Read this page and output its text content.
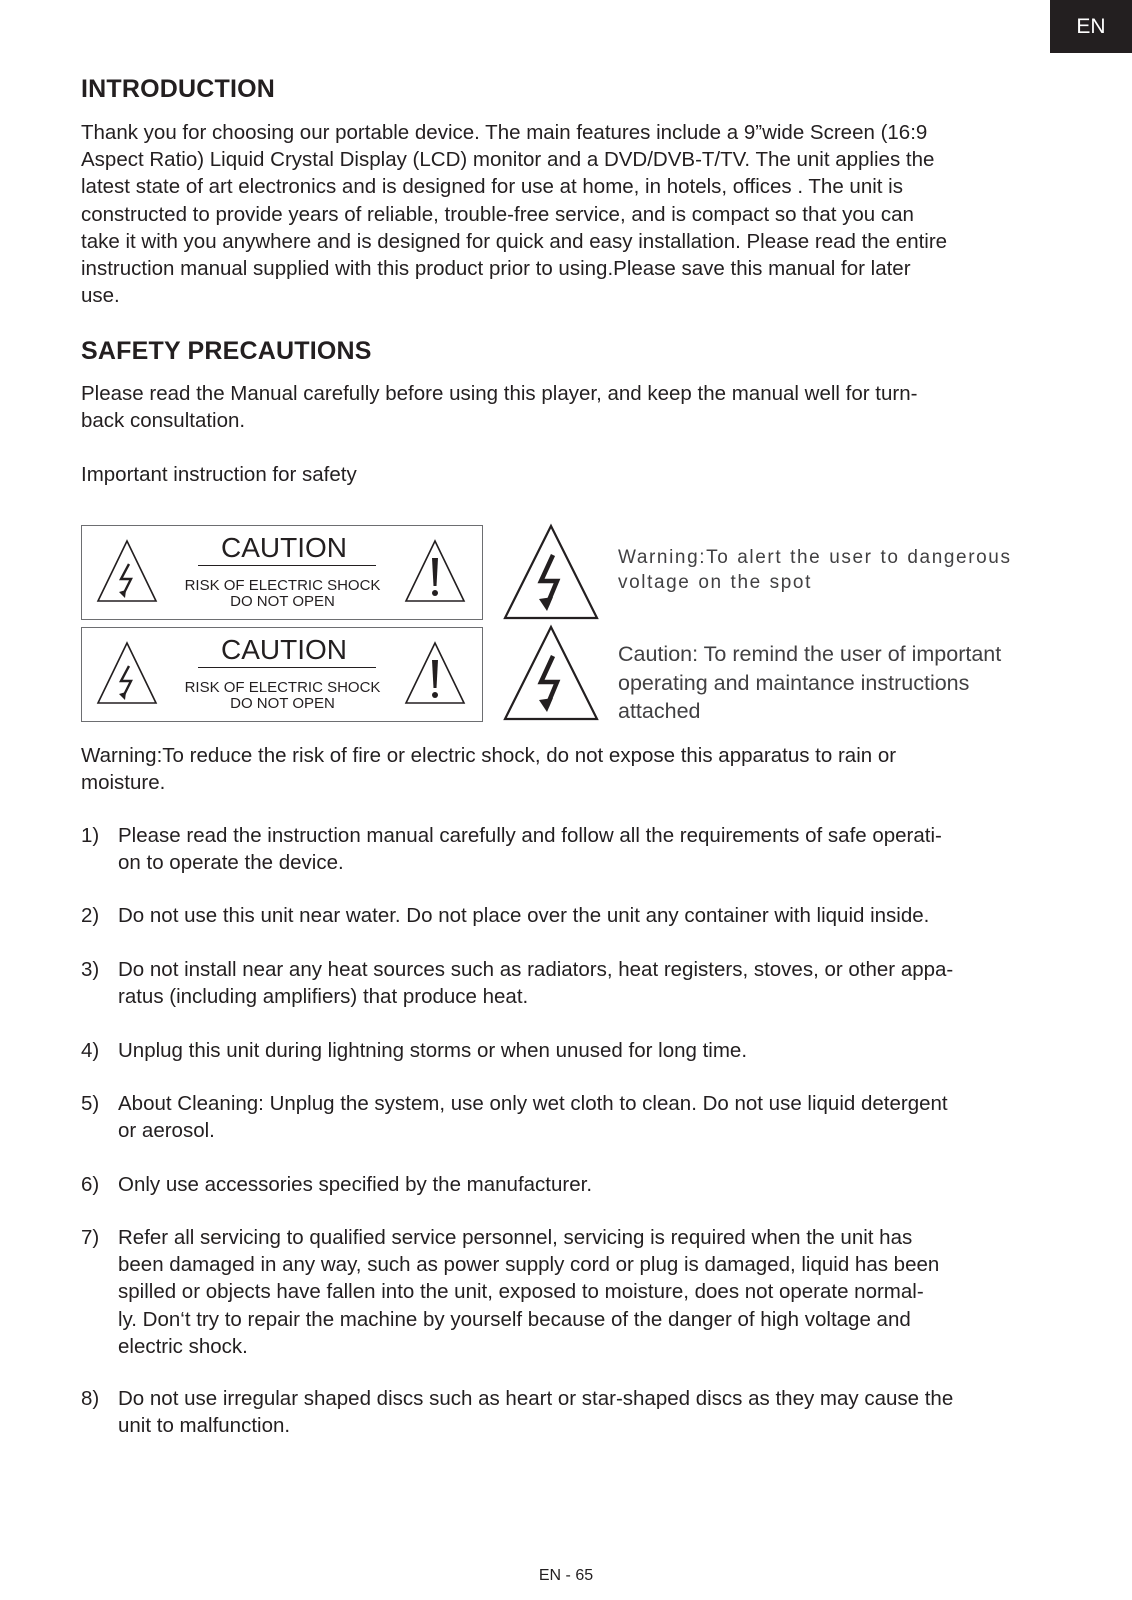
EN
INTRODUCTION

Thank you for choosing our portable device. The main features include a 9”wide Screen (16:9
Aspect Ratio) Liquid Crystal Display (LCD) monitor and a DVD/DVB-T/TV. The unit applies the
latest state of art electronics and is designed for use at home, in hotels, offices . The unit is
constructed to provide years of reliable, trouble-free service, and is compact so that you can
take it with you anywhere and is designed for quick and easy installation. Please read the entire
instruction manual supplied with this product prior to using.Please save this manual for later
use.

SAFETY PRECAUTIONS

Please read the Manual carefully before using this player, and keep the manual well for turn-
back consultation.

Important instruction for safety

CAUTION
RISK OF ELECTRIC SHOCK
DO NOT OPEN
CAUTION
RISK OF ELECTRIC SHOCK
DO NOT OPEN
Warning:To alert the user to dangerous
voltage on the spot
Caution: To remind the user of important
operating and maintance instructions
attached

Warning:To reduce the risk of fire or electric shock, do not expose this apparatus to rain or
moisture.

1) Please read the instruction manual carefully and follow all the requirements of safe operati-
on to operate the device.
2) Do not use this unit near water. Do not place over the unit any container with liquid inside.
3) Do not install near any heat sources such as radiators, heat registers, stoves, or other appa-
ratus (including amplifiers) that produce heat.
4) Unplug this unit during lightning storms or when unused for long time.
5) About Cleaning: Unplug the system, use only wet cloth to clean. Do not use liquid detergent
or aerosol.
6) Only use accessories specified by the manufacturer.
7) Refer all servicing to qualified service personnel, servicing is required when the unit has
been damaged in any way, such as power supply cord or plug is damaged, liquid has been
spilled or objects have fallen into the unit, exposed to moisture, does not operate normal-
ly. Don‘t try to repair the machine by yourself because of the danger of high voltage and
electric shock.
8) Do not use irregular shaped discs such as heart or star-shaped discs as they may cause the
unit to malfunction.
EN - 65
